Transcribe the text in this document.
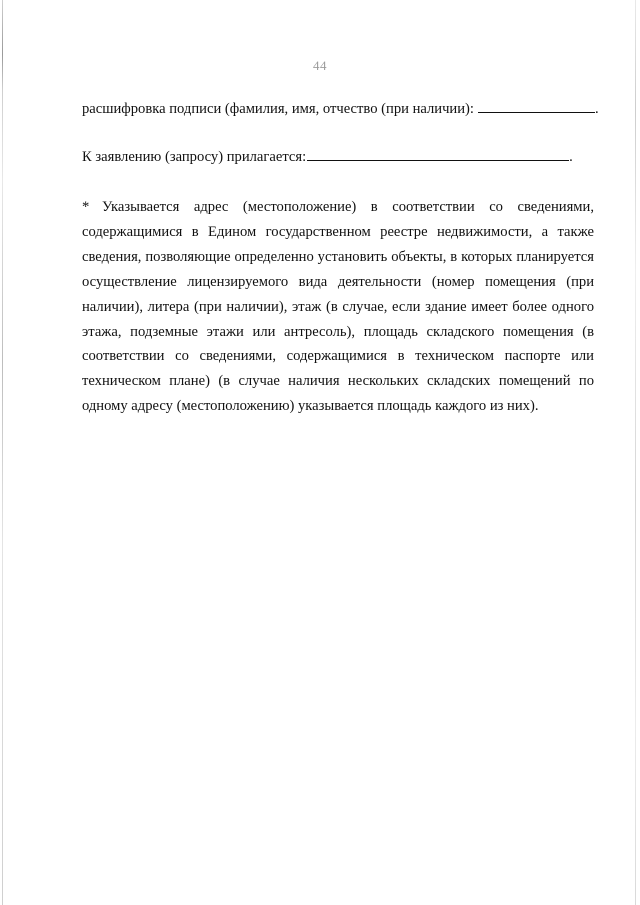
44
расшифровка подписи (фамилия, имя, отчество (при наличии):	.
К заявлению (запросу) прилагается:	.
* Указывается адрес (местоположение) в соответствии со сведениями, содержащимися в Едином государственном реестре недвижимости, а также сведения, позволяющие определенно установить объекты, в которых планируется осуществление лицензируемого вида деятельности (номер помещения (при наличии), литера (при наличии), этаж (в случае, если здание имеет более одного этажа, подземные этажи или антресоль), площадь складского помещения (в соответствии со сведениями, содержащимися в техническом паспорте или техническом плане) (в случае наличия нескольких складских помещений по одному адресу (местоположению) указывается площадь каждого из них).
